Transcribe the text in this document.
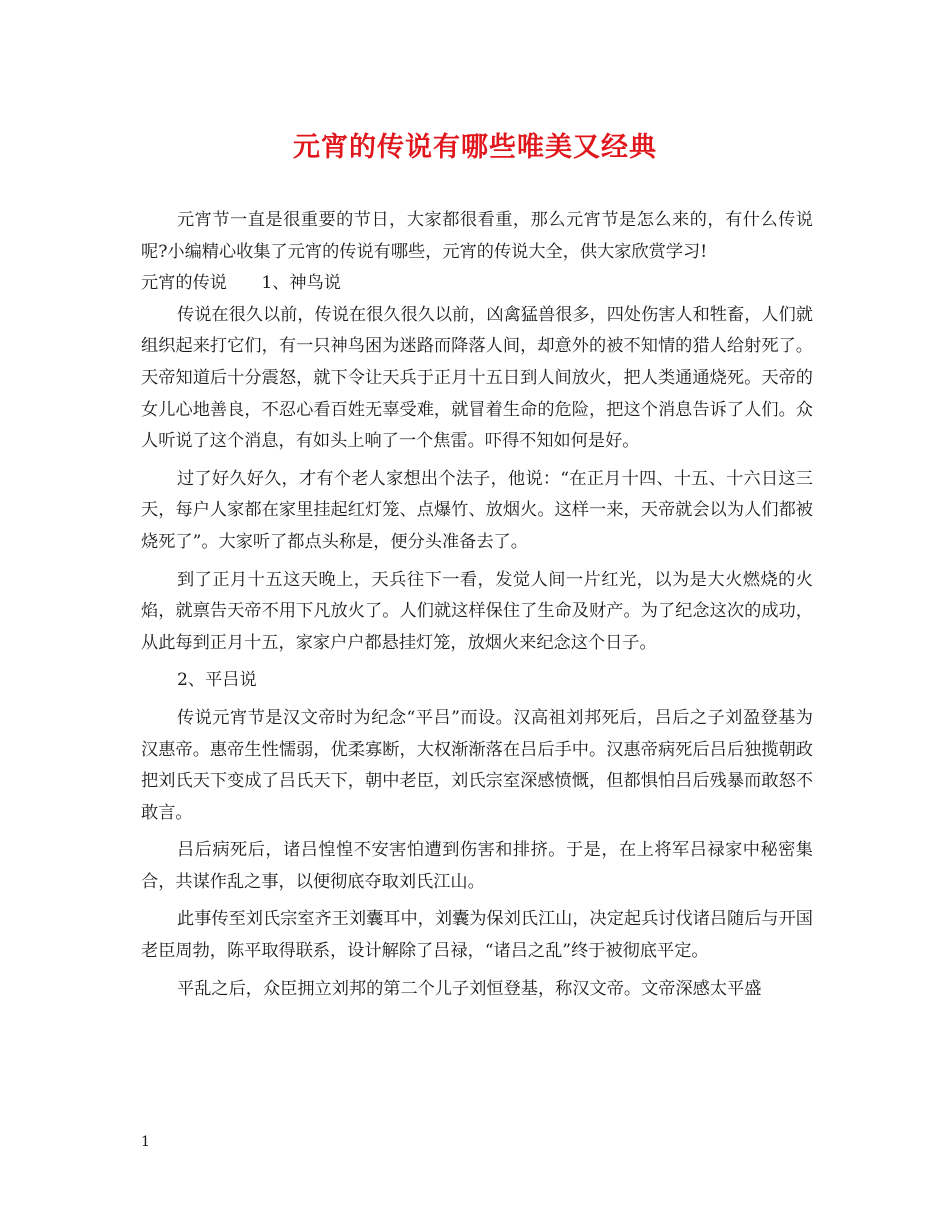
元宵的传说有哪些唯美又经典

元宵节一直是很重要的节日，大家都很看重，那么元宵节是怎么来的，有什么传说呢?小编精心收集了元宵的传说有哪些，元宵的传说大全，供大家欣赏学习!

元宵的传说　　1、神鸟说

传说在很久以前，传说在很久很久以前，凶禽猛兽很多，四处伤害人和牲畜，人们就组织起来打它们，有一只神鸟困为迷路而降落人间，却意外的被不知情的猎人给射死了。天帝知道后十分震怒，就下令让天兵于正月十五日到人间放火，把人类通通烧死。天帝的女儿心地善良，不忍心看百姓无辜受难，就冒着生命的危险，把这个消息告诉了人们。众人听说了这个消息，有如头上响了一个焦雷。吓得不知如何是好。

过了好久好久，才有个老人家想出个法子，他说：“在正月十四、十五、十六日这三天，每户人家都在家里挂起红灯笼、点爆竹、放烟火。这样一来，天帝就会以为人们都被烧死了”。大家听了都点头称是，便分头准备去了。

到了正月十五这天晚上，天兵往下一看，发觉人间一片红光，以为是大火燃烧的火焰，就禀告天帝不用下凡放火了。人们就这样保住了生命及财产。为了纪念这次的成功，从此每到正月十五，家家户户都悬挂灯笼，放烟火来纪念这个日子。

2、平吕说

传说元宵节是汉文帝时为纪念“平吕”而设。汉高祖刘邦死后，吕后之子刘盈登基为汉惠帝。惠帝生性懦弱，优柔寡断，大权渐渐落在吕后手中。汉惠帝病死后吕后独揽朝政把刘氏天下变成了吕氏天下，朝中老臣，刘氏宗室深感愤慨，但都惧怕吕后残暴而敢怒不敢言。

吕后病死后，诸吕惶惶不安害怕遭到伤害和排挤。于是，在上将军吕禄家中秘密集合，共谋作乱之事，以便彻底夺取刘氏江山。

此事传至刘氏宗室齐王刘囊耳中，刘囊为保刘氏江山，决定起兵讨伐诸吕随后与开国老臣周勃，陈平取得联系，设计解除了吕禄，“诸吕之乱”终于被彻底平定。

平乱之后，众臣拥立刘邦的第二个儿子刘恒登基，称汉文帝。文帝深感太平盛

1
